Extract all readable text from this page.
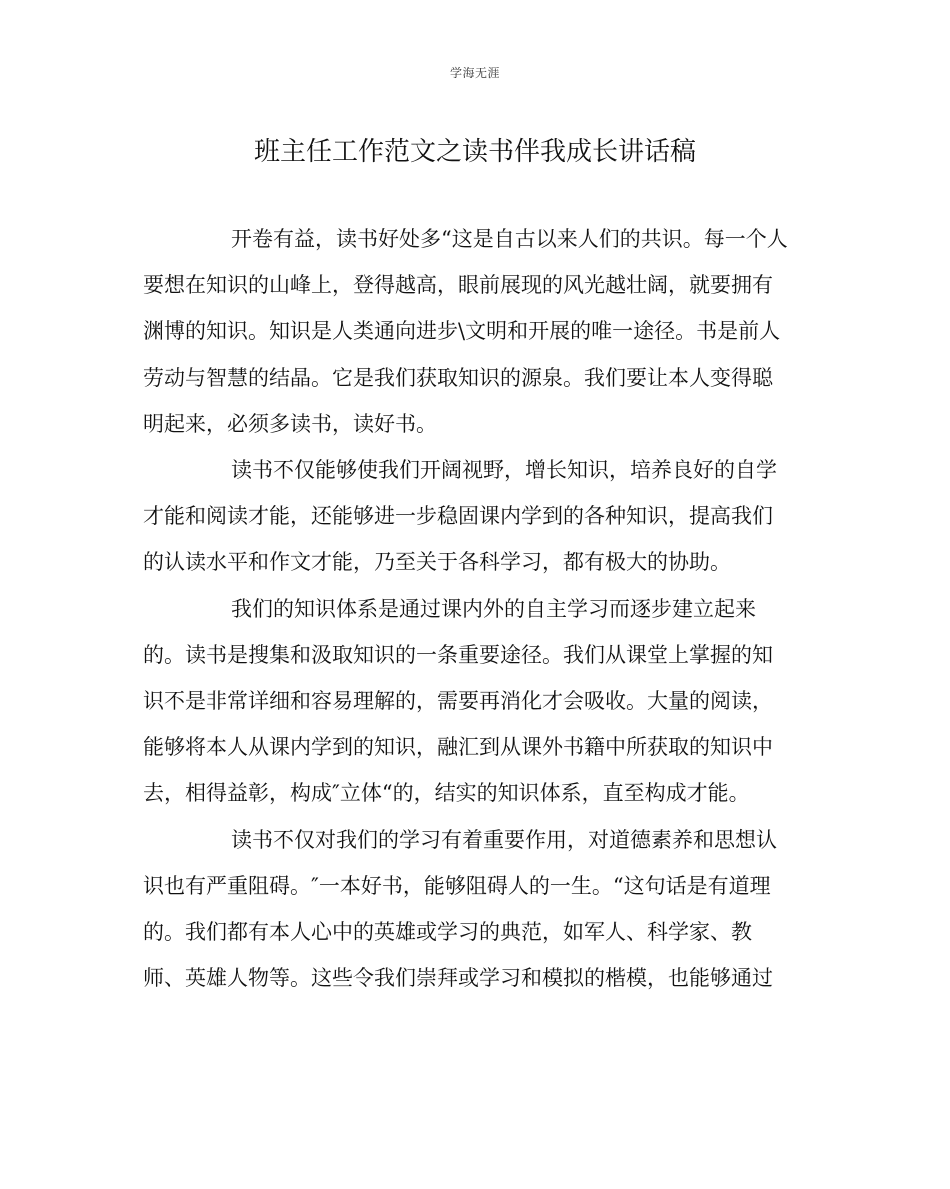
学海无涯
班主任工作范文之读书伴我成长讲话稿

开卷有益，读书好处多“这是自古以来人们的共识。每一个人
要想在知识的山峰上，登得越高，眼前展现的风光越壮阔，就要拥有
渊博的知识。知识是人类通向进步\文明和开展的唯一途径。书是前人
劳动与智慧的结晶。它是我们获取知识的源泉。我们要让本人变得聪
明起来，必须多读书，读好书。

读书不仅能够使我们开阔视野，增长知识，培养良好的自学
才能和阅读才能，还能够进一步稳固课内学到的各种知识，提高我们
的认读水平和作文才能，乃至关于各科学习，都有极大的协助。

我们的知识体系是通过课内外的自主学习而逐步建立起来
的。读书是搜集和汲取知识的一条重要途径。我们从课堂上掌握的知
识不是非常详细和容易理解的，需要再消化才会吸收。大量的阅读，
能够将本人从课内学到的知识，融汇到从课外书籍中所获取的知识中
去，相得益彰，构成″立体“的，结实的知识体系，直至构成才能。

读书不仅对我们的学习有着重要作用，对道德素养和思想认
识也有严重阻碍。″一本好书，能够阻碍人的一生。“这句话是有道理
的。我们都有本人心中的英雄或学习的典范，如军人、科学家、教
师、英雄人物等。这些令我们崇拜或学习和模拟的楷模，也能够通过
